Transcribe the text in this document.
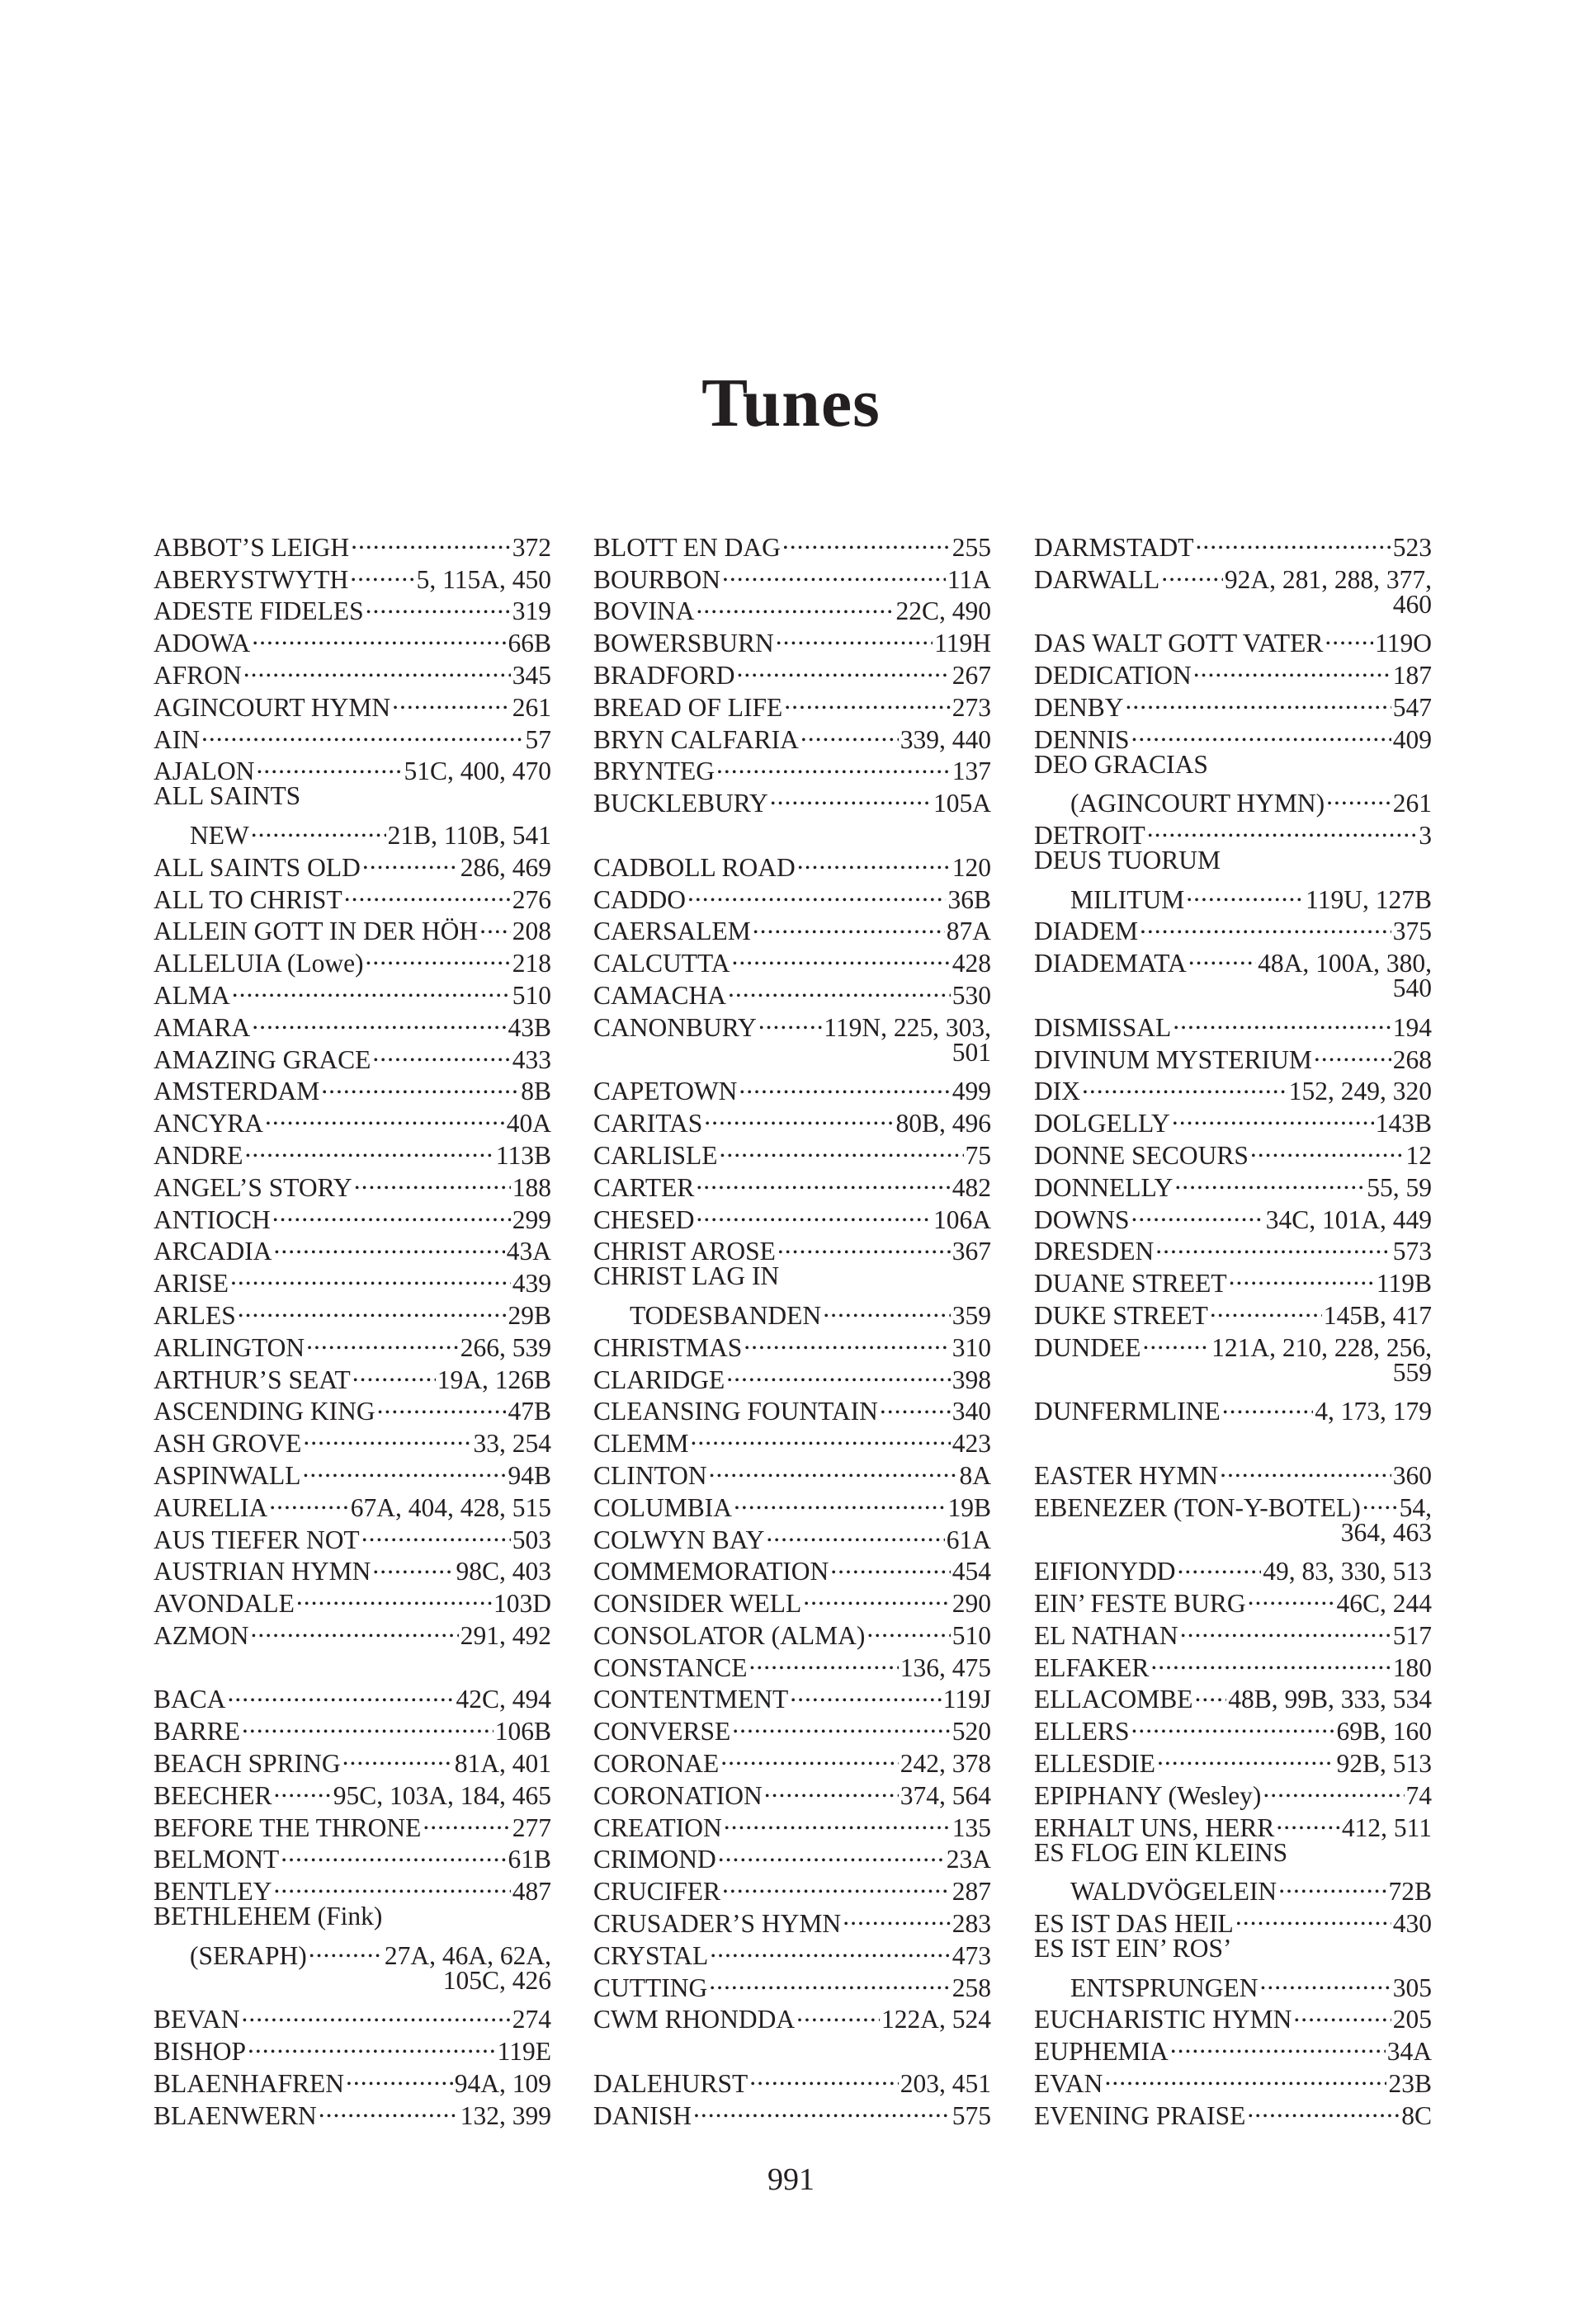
Tunes
ABBOT’S LEIGH .....	372
ABERYSTWYTH .....	5, 115A, 450
ADESTE FIDELES .....	319
ADOWA .....	66B
AFRON .....	345
AGINCOURT HYMN .....	261
AIN .....	57
AJALON .....	51C, 400, 470
ALL SAINTS
NEW .....	21B, 110B, 541
ALL SAINTS OLD .....	286, 469
ALL TO CHRIST .....	276
ALLEIN GOTT IN DER HÖH ..... 208
ALLELUIA (Lowe) .....	218
ALMA .....	510
AMARA .....	43B
AMAZING GRACE .....	433
AMSTERDAM .....	8B
ANCYRA .....	40A
ANDRE .....	113B
ANGEL’S STORY .....	188
ANTIOCH .....	299
ARCADIA .....	43A
ARISE .....	439
ARLES .....	29B
ARLINGTON .....	266, 539
ARTHUR’S SEAT .....	19A, 126B
ASCENDING KING .....	47B
ASH GROVE .....	33, 254
ASPINWALL .....	94B
AURELIA .....	67A, 404, 428, 515
AUS TIEFER NOT .....	503
AUSTRIAN HYMN .....	98C, 403
AVONDALE .....	103D
AZMON .....	291, 492
BACA .....	42C, 494
BARRE .....	106B
BEACH SPRING .....	81A, 401
BEECHER ..... 95C, 103A, 184, 465
BEFORE THE THRONE .....	277
BELMONT .....	61B
BENTLEY .....	487
BETHLEHEM (Fink)
(SERAPH) .....	27A, 46A, 62A,
105C, 426
BEVAN .....	274
BISHOP .....	119E
BLAENHAFREN .....	94A, 109
BLAENWERN .....	132, 399
BLOTT EN DAG .....	255
BOURBON .....	11A
BOVINA .....	22C, 490
BOWERSBURN .....	119H
BRADFORD .....	267
BREAD OF LIFE .....	273
BRYN CALFARIA .....	339, 440
BRYNTEG .....	137
BUCKLEBURY .....	105A
CADBOLL ROAD .....	120
CADDO .....	36B
CAERSALEM .....	87A
CALCUTTA .....	428
CAMACHA .....	530
CANONBURY .....	119N, 225, 303,
501
CAPETOWN .....	499
CARITAS .....	80B, 496
CARLISLE .....	75
CARTER .....	482
CHESED .....	106A
CHRIST AROSE .....	367
CHRIST LAG IN
TODESBANDEN .....	359
CHRISTMAS .....	310
CLARIDGE .....	398
CLEANSING FOUNTAIN .....	340
CLEMM .....	423
CLINTON .....	8A
COLUMBIA .....	19B
COLWYN BAY .....	61A
COMMEMORATION .....	454
CONSIDER WELL .....	290
CONSOLATOR (ALMA) .....	510
CONSTANCE .....	136, 475
CONTENTMENT .....	119J
CONVERSE .....	520
CORONAE .....	242, 378
CORONATION .....	374, 564
CREATION .....	135
CRIMOND .....	23A
CRUCIFER .....	287
CRUSADER’S HYMN .....	283
CRYSTAL .....	473
CUTTING .....	258
CWM RHONDDA .....	122A, 524
DALEHURST .....	203, 451
DANISH .....	575
DARMSTADT .....	523
DARWALL ..... 92A, 281, 288, 377,
460
DAS WALT GOTT VATER ..... 119O
DEDICATION .....	187
DENBY .....	547
DENNIS .....	409
DEO GRACIAS
(AGINCOURT HYMN) .....	261
DETROIT .....	3
DEUS TUORUM
MILITUM .....	119U, 127B
DIADEM .....	375
DIADEMATA .....	48A, 100A, 380,
540
DISMISSAL .....	194
DIVINUM MYSTERIUM .....	268
DIX .....	152, 249, 320
DOLGELLY .....	143B
DONNE SECOURS .....	12
DONNELLY .....	55, 59
DOWNS .....	34C, 101A, 449
DRESDEN .....	573
DUANE STREET .....	119B
DUKE STREET .....	145B, 417
DUNDEE .....	121A, 210, 228, 256,
559
DUNFERMLINE .....	4, 173, 179
EASTER HYMN .....	360
EBENEZER (TON-Y-BOTEL) ..... 54,
364, 463
EIFIONYDD .....	49, 83, 330, 513
EIN’ FESTE BURG .....	46C, 244
EL NATHAN .....	517
ELFAKER .....	180
ELLACOMBE ..... 48B, 99B, 333, 534
ELLERS .....	69B, 160
ELLESDIE .....	92B, 513
EPIPHANY (Wesley) .....	74
ERHALT UNS, HERR .....	412, 511
ES FLOG EIN KLEINS
WALDVÖGELEIN .....	72B
ES IST DAS HEIL .....	430
ES IST EIN’ ROS’
ENTSPRUNGEN .....	305
EUCHARISTIC HYMN .....	205
EUPHEMIA .....	34A
EVAN .....	23B
EVENING PRAISE .....	8C
991
